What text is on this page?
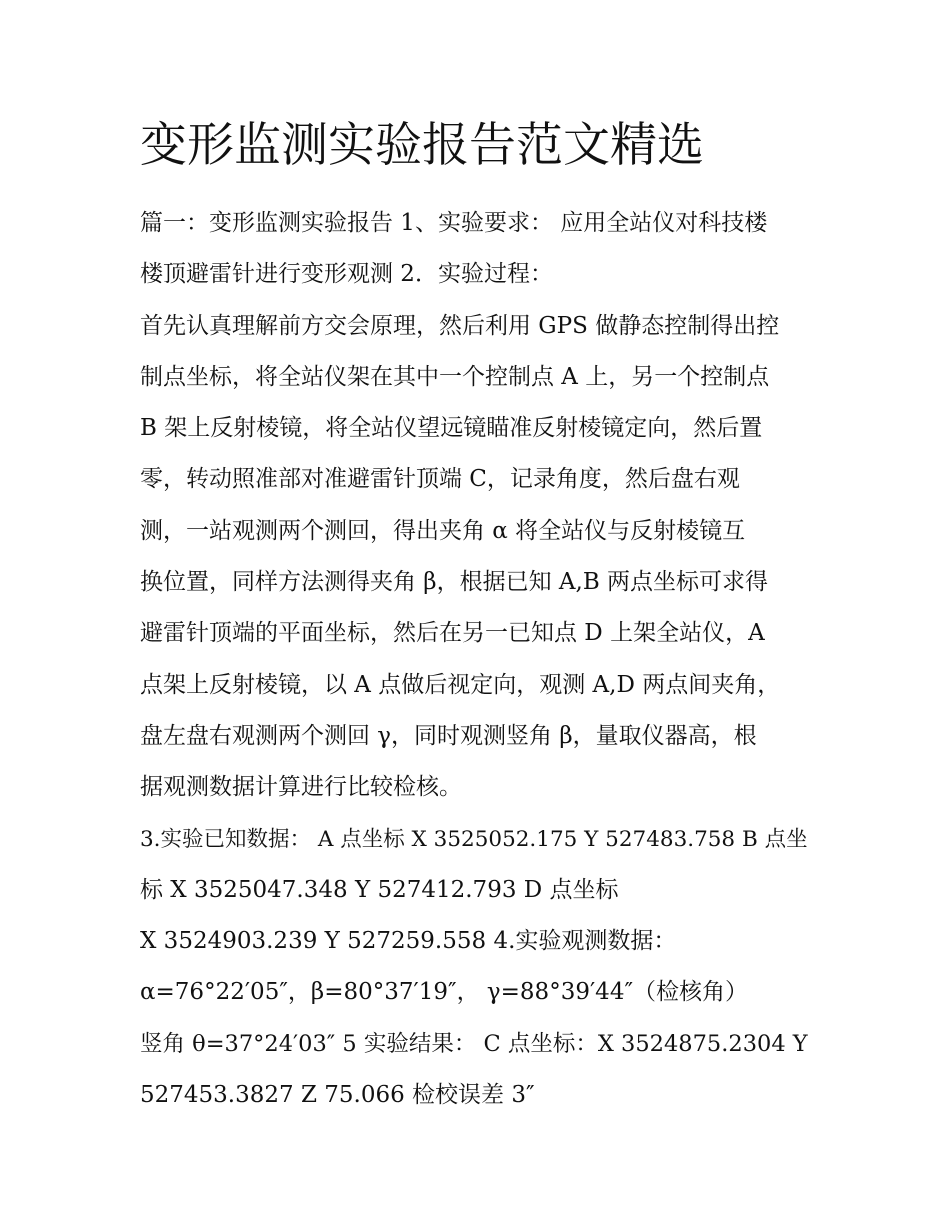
变形监测实验报告范文精选
篇一：变形监测实验报告 1、实验要求： 应用全站仪对科技楼
楼顶避雷针进行变形观测 2．实验过程：
首先认真理解前方交会原理，然后利用 GPS 做静态控制得出控
制点坐标，将全站仪架在其中一个控制点 A 上，另一个控制点
B 架上反射棱镜，将全站仪望远镜瞄准反射棱镜定向，然后置
零，转动照准部对准避雷针顶端 C，记录角度，然后盘右观
测，一站观测两个测回，得出夹角 α 将全站仪与反射棱镜互
换位置，同样方法测得夹角 β，根据已知 A,B 两点坐标可求得
避雷针顶端的平面坐标，然后在另一已知点 D 上架全站仪，A
点架上反射棱镜，以 A 点做后视定向，观测 A,D 两点间夹角，
盘左盘右观测两个测回 γ，同时观测竖角 β，量取仪器高，根
据观测数据计算进行比较检核。
3.实验已知数据： A 点坐标 X 3525052.175 Y 527483.758 B 点坐
标 X 3525047.348 Y 527412.793 D 点坐标
X 3524903.239 Y 527259.558 4.实验观测数据：
α=76°22′05″，β=80°37′19″， γ=88°39′44″（检核角）
竖角 θ=37°24′03″ 5 实验结果： C 点坐标：X 3524875.2304 Y
527453.3827 Z 75.066 检校误差 3″
